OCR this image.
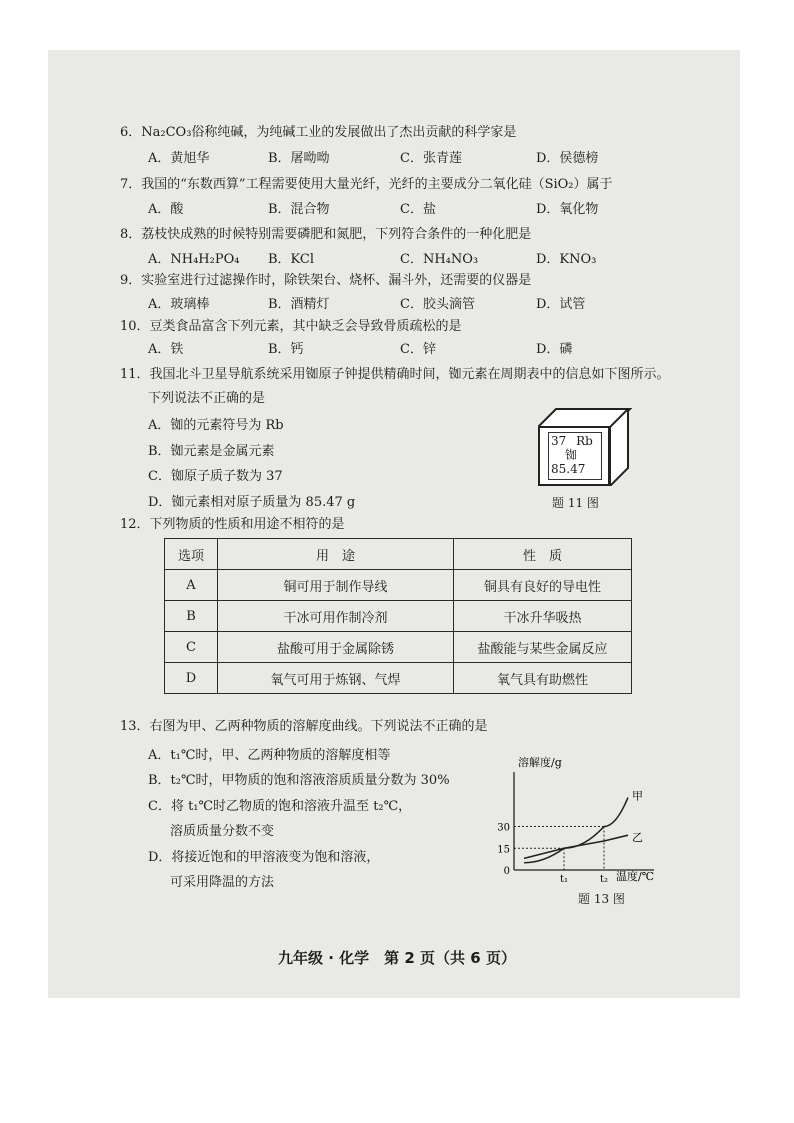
6．Na₂CO₃俗称纯碱，为纯碱工业的发展做出了杰出贡献的科学家是
A．黄旭华	B．屠呦呦	C．张青莲	D．侯德榜
7．我国的“东数西算”工程需要使用大量光纤，光纤的主要成分二氧化硅（SiO₂）属于
A．酸	B．混合物	C．盐	D．氧化物
8．荔枝快成熟的时候特别需要磷肥和氮肥，下列符合条件的一种化肥是
A．NH₄H₂PO₄ B．KCl	C．NH₄NO₃	D．KNO₃
9．实验室进行过滤操作时，除铁架台、烧杯、漏斗外，还需要的仪器是
A．玻璃棒	B．酒精灯	C．胶头滴管	D．试管
10．豆类食品富含下列元素，其中缺乏会导致骨质疏松的是
A．铁	B．钙	C．锌	D．磷
11．我国北斗卫星导航系统采用铷原子钟提供精确时间，铷元素在周期表中的信息如下图所示。
下列说法不正确的是
A．铷的元素符号为 Rb
B．铷元素是金属元素
C．铷原子质子数为 37
D．铷元素相对原子质量为 85.47 g
37 Rb
铷
85.47
题 11 图
12．下列物质的性质和用途不相符的是
选项	用　途	性　质
A	铜可用于制作导线	铜具有良好的导电性
B	干冰可用作制冷剂	干冰升华吸热
C	盐酸可用于金属除锈	盐酸能与某些金属反应
D	氧气可用于炼钢、气焊	氧气具有助燃性
13．右图为甲、乙两种物质的溶解度曲线。下列说法不正确的是
A．t₁℃时，甲、乙两种物质的溶解度相等
B．t₂℃时，甲物质的饱和溶液溶质质量分数为 30%
C．将 t₁℃时乙物质的饱和溶液升温至 t₂℃，
溶质质量分数不变
D．将接近饱和的甲溶液变为饱和溶液，
可采用降温的方法
溶解度/g
温度/℃
0
15
30
t₁	t₂
甲
乙
题 13 图
九年级 · 化学　第 2 页（共 6 页）
